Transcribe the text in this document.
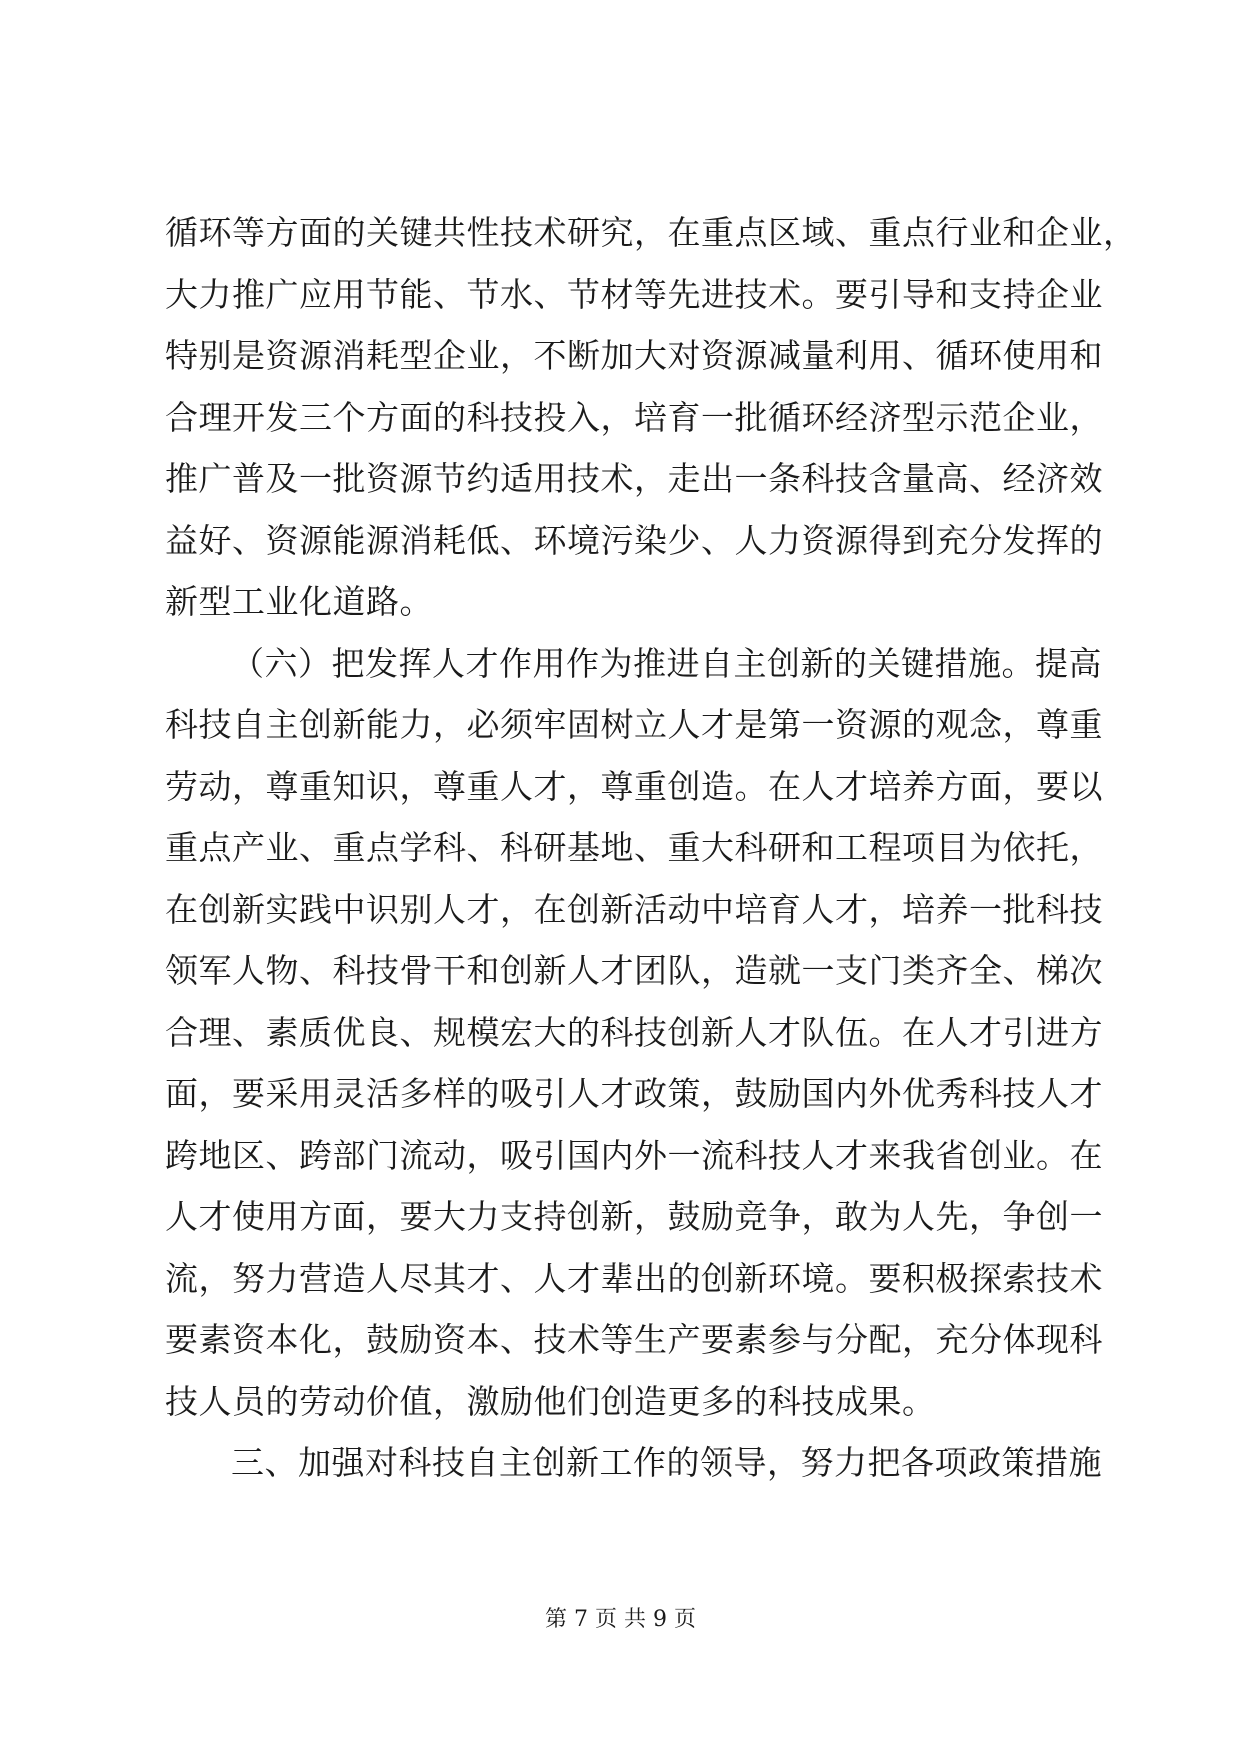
循环等方面的关键共性技术研究，在重点区域、重点行业和企业，
大力推广应用节能、节水、节材等先进技术。要引导和支持企业
特别是资源消耗型企业，不断加大对资源减量利用、循环使用和
合理开发三个方面的科技投入，培育一批循环经济型示范企业，
推广普及一批资源节约适用技术，走出一条科技含量高、经济效
益好、资源能源消耗低、环境污染少、人力资源得到充分发挥的
新型工业化道路。
（六）把发挥人才作用作为推进自主创新的关键措施。提高
科技自主创新能力，必须牢固树立人才是第一资源的观念，尊重
劳动，尊重知识，尊重人才，尊重创造。在人才培养方面，要以
重点产业、重点学科、科研基地、重大科研和工程项目为依托，
在创新实践中识别人才，在创新活动中培育人才，培养一批科技
领军人物、科技骨干和创新人才团队，造就一支门类齐全、梯次
合理、素质优良、规模宏大的科技创新人才队伍。在人才引进方
面，要采用灵活多样的吸引人才政策，鼓励国内外优秀科技人才
跨地区、跨部门流动，吸引国内外一流科技人才来我省创业。在
人才使用方面，要大力支持创新，鼓励竞争，敢为人先，争创一
流，努力营造人尽其才、人才辈出的创新环境。要积极探索技术
要素资本化，鼓励资本、技术等生产要素参与分配，充分体现科
技人员的劳动价值，激励他们创造更多的科技成果。
三、加强对科技自主创新工作的领导，努力把各项政策措施
第 7 页 共 9 页
